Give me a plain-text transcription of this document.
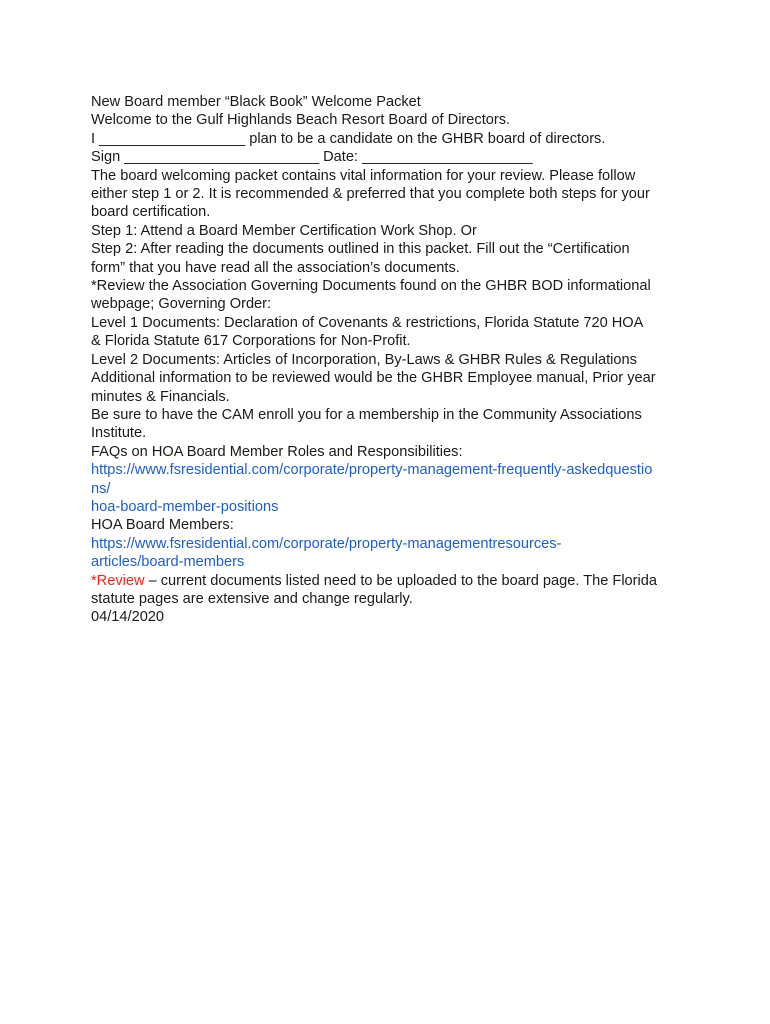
New Board member “Black Book” Welcome Packet
Welcome to the Gulf Highlands Beach Resort Board of Directors.
I __________________ plan to be a candidate on the GHBR board of directors.
Sign ________________________ Date: _____________________
The board welcoming packet contains vital information for your review. Please follow
either step 1 or 2. It is recommended & preferred that you complete both steps for your
board certification.
Step 1: Attend a Board Member Certification Work Shop. Or
Step 2: After reading the documents outlined in this packet. Fill out the “Certification
form” that you have read all the association’s documents.
*Review the Association Governing Documents found on the GHBR BOD informational
webpage; Governing Order:
Level 1 Documents: Declaration of Covenants & restrictions, Florida Statute 720 HOA
& Florida Statute 617 Corporations for Non-Profit.
Level 2 Documents: Articles of Incorporation, By-Laws & GHBR Rules & Regulations
Additional information to be reviewed would be the GHBR Employee manual, Prior year
minutes & Financials.
Be sure to have the CAM enroll you for a membership in the Community Associations
Institute.
FAQs on HOA Board Member Roles and Responsibilities:
https://www.fsresidential.com/corporate/property-management-frequently-askedquestio
ns/
hoa-board-member-positions
HOA Board Members:
https://www.fsresidential.com/corporate/property-managementresources-
articles/board-members
*Review – current documents listed need to be uploaded to the board page. The Florida
statute pages are extensive and change regularly.
04/14/2020
